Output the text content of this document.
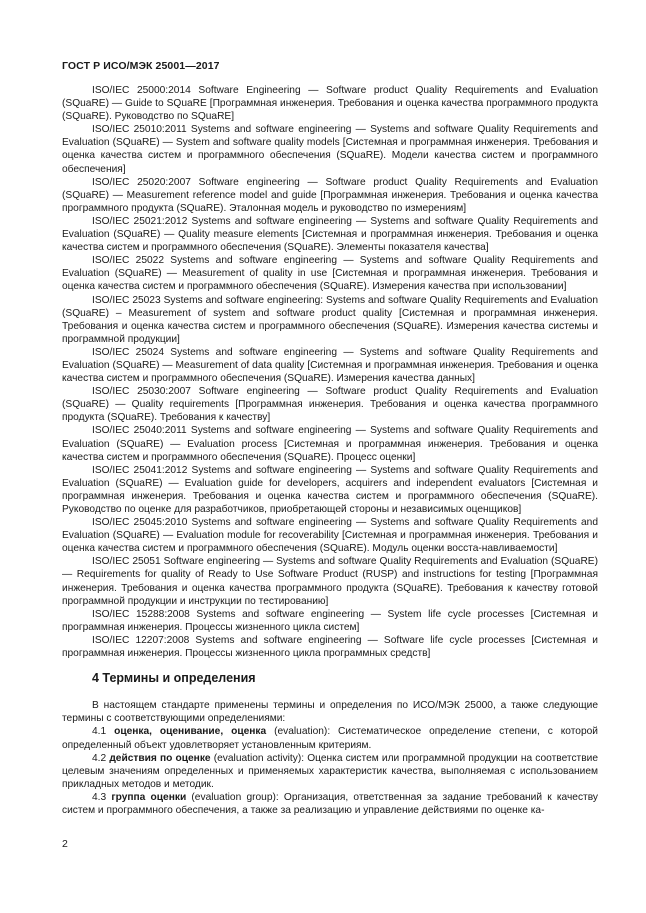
ГОСТ Р ИСО/МЭК 25001—2017

ISO/IEC 25000:2014 Software Engineering — Software product Quality Requirements and Evaluation (SQuaRE) — Guide to SQuaRE [Программная инженерия. Требования и оценка качества программного продукта (SQuaRE). Руководство по SQuaRE]

ISO/IEC 25010:2011 Systems and software engineering — Systems and software Quality Requirements and Evaluation (SQuaRE) — System and software quality models [Системная и программная инженерия. Требования и оценка качества систем и программного обеспечения (SQuaRE). Модели качества систем и программного обеспечения]

ISO/IEC 25020:2007 Software engineering — Software product Quality Requirements and Evaluation (SQuaRE) — Measurement reference model and guide [Программная инженерия. Требования и оценка качества программного продукта (SQuaRE). Эталонная модель и руководство по измерениям]

ISO/IEC 25021:2012 Systems and software engineering — Systems and software Quality Requirements and Evaluation (SQuaRE) — Quality measure elements [Системная и программная инженерия. Требования и оценка качества систем и программного обеспечения (SQuaRE). Элементы показателя качества]

ISO/IEC 25022 Systems and software engineering — Systems and software Quality Requirements and Evaluation (SQuaRE) — Measurement of quality in use [Системная и программная инженерия. Требования и оценка качества систем и программного обеспечения (SQuaRE). Измерения качества при использовании]

ISO/IEC 25023 Systems and software engineering: Systems and software Quality Requirements and Evaluation (SQuaRE) – Measurement of system and software product quality [Системная и программная инженерия. Требования и оценка качества систем и программного обеспечения (SQuaRE). Измерения качества системы и программной продукции]

ISO/IEC 25024 Systems and software engineering — Systems and software Quality Requirements and Evaluation (SQuaRE) — Measurement of data quality [Системная и программная инженерия. Требования и оценка качества систем и программного обеспечения (SQuaRE). Измерения качества данных]

ISO/IEC 25030:2007 Software engineering — Software product Quality Requirements and Evaluation (SQuaRE) — Quality requirements [Программная инженерия. Требования и оценка качества программного продукта (SQuaRE). Требования к качеству]

ISO/IEC 25040:2011 Systems and software engineering — Systems and software Quality Requirements and Evaluation (SQuaRE) — Evaluation process [Системная и программная инженерия. Требования и оценка качества систем и программного обеспечения (SQuaRE). Процесс оценки]

ISO/IEC 25041:2012 Systems and software engineering — Systems and software Quality Requirements and Evaluation (SQuaRE) — Evaluation guide for developers, acquirers and independent evaluators [Системная и программная инженерия. Требования и оценка качества систем и программного обеспечения (SQuaRE). Руководство по оценке для разработчиков, приобретающей стороны и независимых оценщиков]

ISO/IEC 25045:2010 Systems and software engineering — Systems and software Quality Requirements and Evaluation (SQuaRE) — Evaluation module for recoverability [Системная и программная инженерия. Требования и оценка качества систем и программного обеспечения (SQuaRE). Модуль оценки восста-навливаемости]

ISO/IEC 25051 Software engineering — Systems and software Quality Requirements and Evaluation (SQuaRE) — Requirements for quality of Ready to Use Software Product (RUSP) and instructions for testing [Программная инженерия. Требования и оценка качества программного продукта (SQuaRE). Требования к качеству готовой программной продукции и инструкции по тестированию]

ISO/IEC 15288:2008 Systems and software engineering — System life cycle processes [Системная и программная инженерия. Процессы жизненного цикла систем]

ISO/IEC 12207:2008 Systems and software engineering — Software life cycle processes [Системная и программная инженерия. Процессы жизненного цикла программных средств]

4 Термины и определения

В настоящем стандарте применены термины и определения по ИСО/МЭК 25000, а также следующие термины с соответствующими определениями:

4.1 оценка, оценивание, оценка (evaluation): Систематическое определение степени, с которой определенный объект удовлетворяет установленным критериям.

4.2 действия по оценке (evaluation activity): Оценка систем или программной продукции на соответствие целевым значениям определенных и применяемых характеристик качества, выполняемая с использованием прикладных методов и методик.

4.3 группа оценки (evaluation group): Организация, ответственная за задание требований к качеству систем и программного обеспечения, а также за реализацию и управление действиями по оценке ка-

2
